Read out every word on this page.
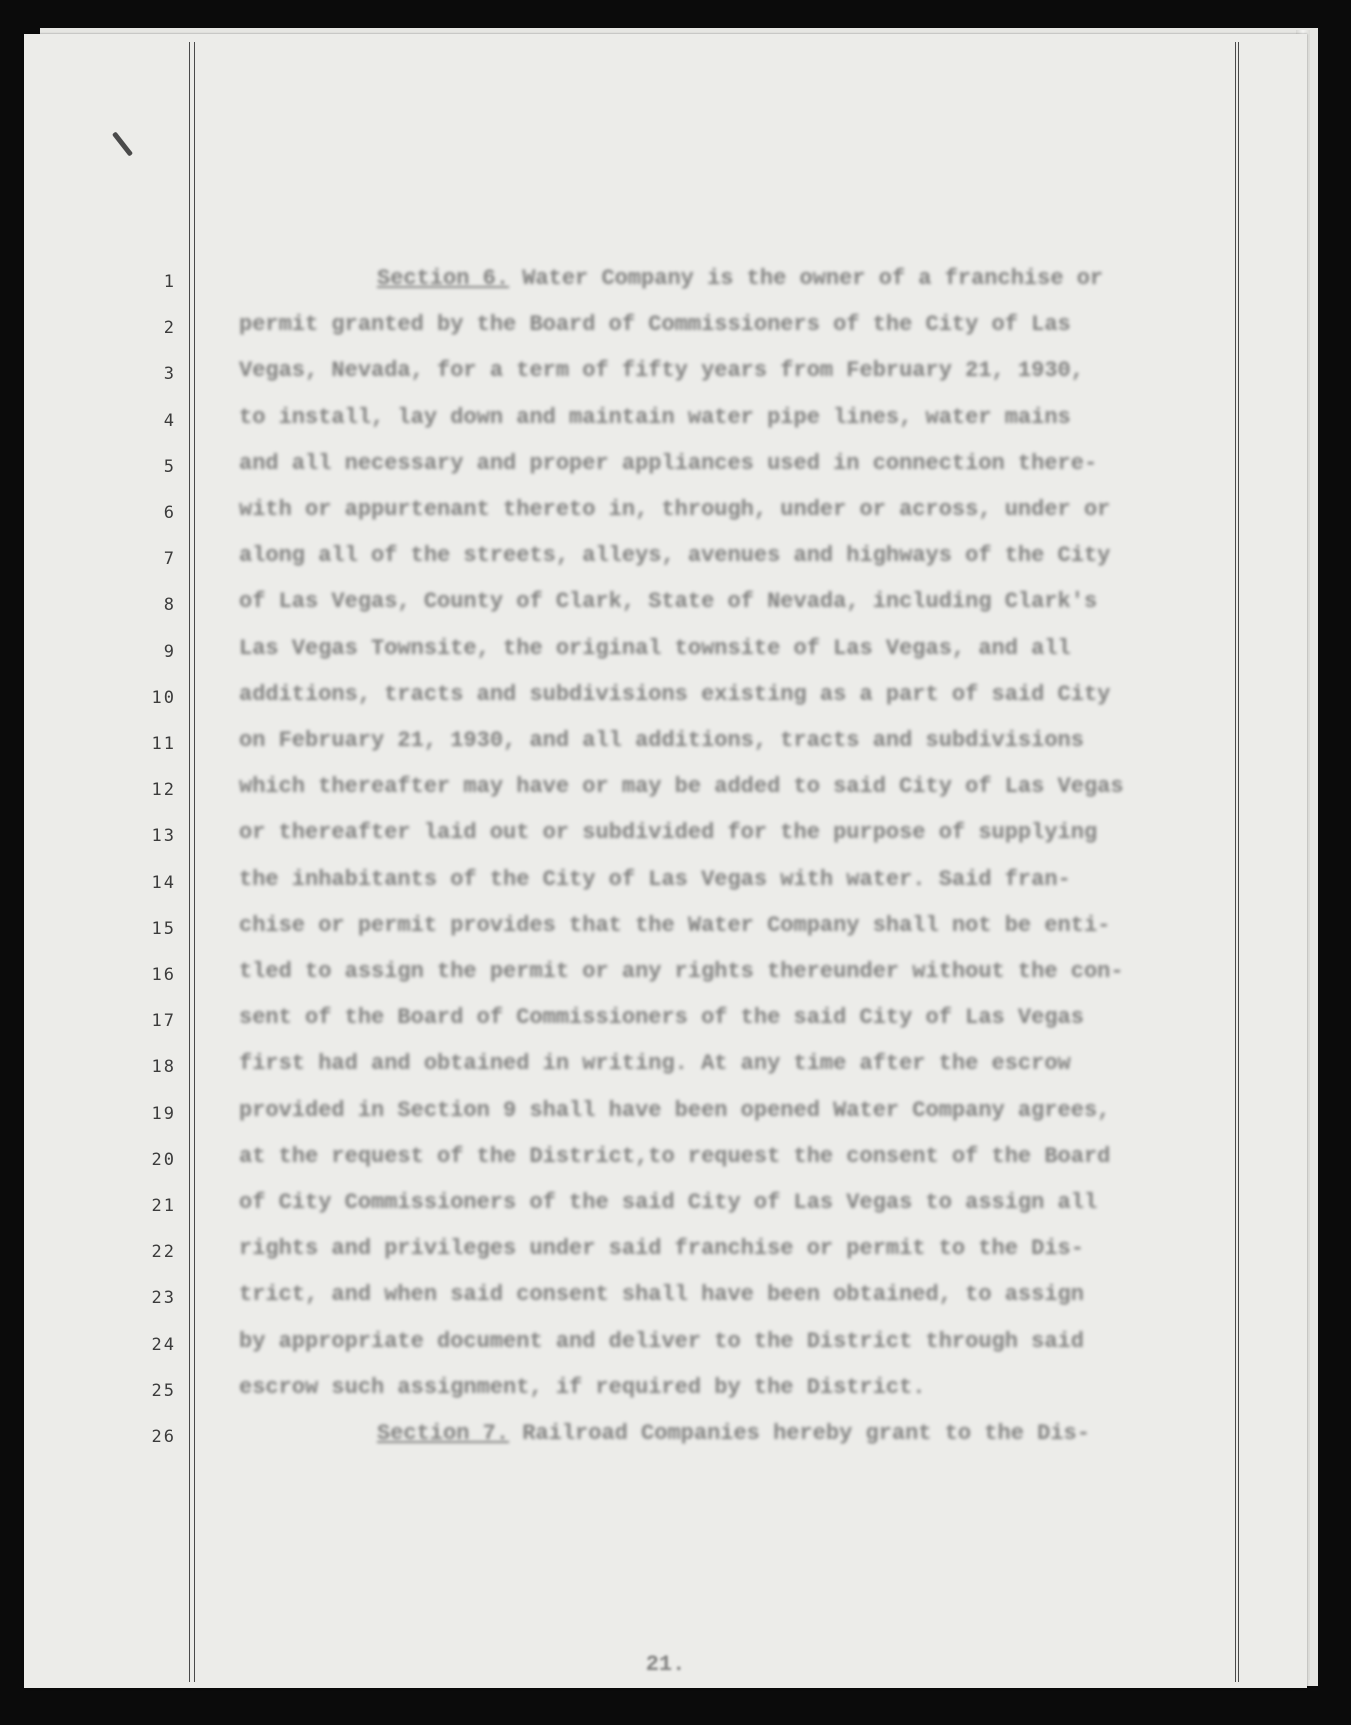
1
2
3
4
5
6
7
8
9
10
11
12
13
14
15
16
17
18
19
20
21
22
23
24
25
26
Section 6. Water Company is the owner of a franchise or
permit granted by the Board of Commissioners of the City of Las
Vegas, Nevada, for a term of fifty years from February 21, 1930,
to install, lay down and maintain water pipe lines, water mains
and all necessary and proper appliances used in connection there-
with or appurtenant thereto in, through, under or across, under or
along all of the streets, alleys, avenues and highways of the City
of Las Vegas, County of Clark, State of Nevada, including Clark's
Las Vegas Townsite, the original townsite of Las Vegas, and all
additions, tracts and subdivisions existing as a part of said City
on February 21, 1930, and all additions, tracts and subdivisions
which thereafter may have or may be added to said City of Las Vegas
or thereafter laid out or subdivided for the purpose of supplying
the inhabitants of the City of Las Vegas with water. Said fran-
chise or permit provides that the Water Company shall not be enti-
tled to assign the permit or any rights thereunder without the con-
sent of the Board of Commissioners of the said City of Las Vegas
first had and obtained in writing. At any time after the escrow
provided in Section 9 shall have been opened Water Company agrees,
at the request of the District,to request the consent of the Board
of City Commissioners of the said City of Las Vegas to assign all
rights and privileges under said franchise or permit to the Dis-
trict, and when said consent shall have been obtained, to assign
by appropriate document and deliver to the District through said
escrow such assignment, if required by the District.
Section 7. Railroad Companies hereby grant to the Dis-
21.
